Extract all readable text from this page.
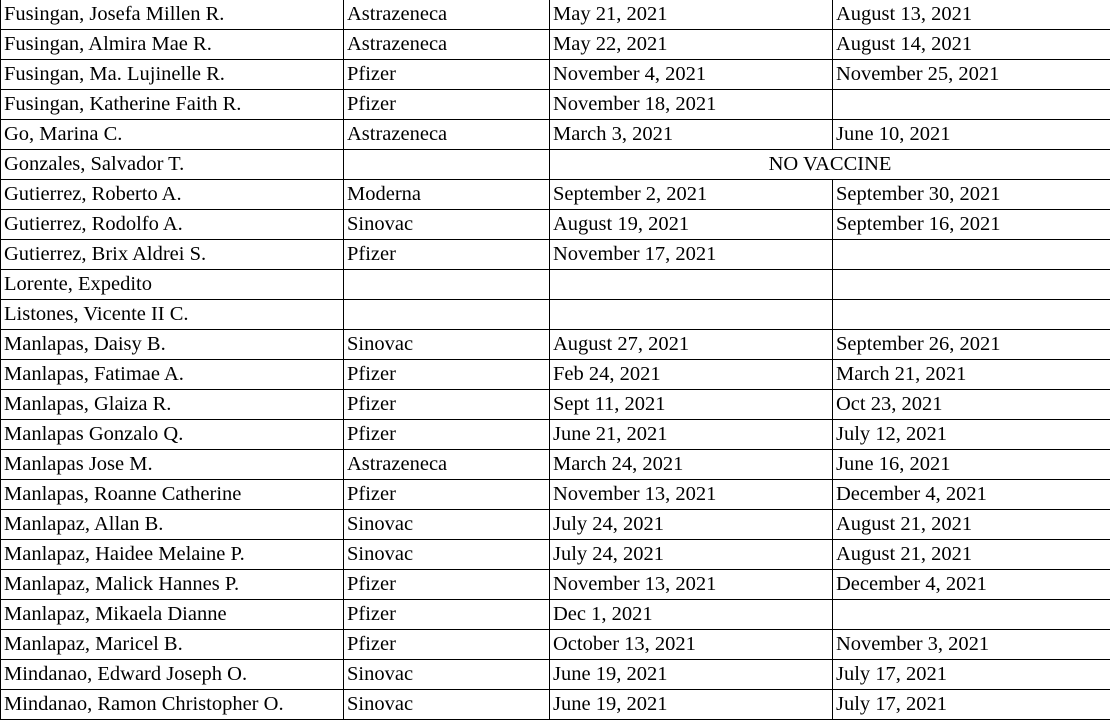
Fusingan, Josefa Millen R.	Astrazeneca	May 21, 2021	August 13, 2021
Fusingan, Almira Mae R.	Astrazeneca	May 22, 2021	August 14, 2021
Fusingan, Ma. Lujinelle R.	Pfizer	November 4, 2021	November 25, 2021
Fusingan, Katherine Faith R.	Pfizer	November 18, 2021	
Go, Marina C.	Astrazeneca	March 3, 2021	June 10, 2021
Gonzales, Salvador T.		NO VACCINE	
Gutierrez, Roberto A.	Moderna	September 2, 2021	September 30, 2021
Gutierrez, Rodolfo A.	Sinovac	August 19, 2021	September 16, 2021
Gutierrez, Brix Aldrei S.	Pfizer	November 17, 2021	
Lorente, Expedito			
Listones, Vicente II C.			
Manlapas, Daisy B.	Sinovac	August 27, 2021	September 26, 2021
Manlapas, Fatimae A.	Pfizer	Feb 24, 2021	March 21, 2021
Manlapas, Glaiza R.	Pfizer	Sept 11, 2021	Oct 23, 2021
Manlapas Gonzalo Q.	Pfizer	June 21, 2021	July 12, 2021
Manlapas Jose M.	Astrazeneca	March 24, 2021	June 16, 2021
Manlapas, Roanne Catherine	Pfizer	November 13, 2021	December 4, 2021
Manlapaz, Allan B.	Sinovac	July 24, 2021	August 21, 2021
Manlapaz, Haidee Melaine P.	Sinovac	July 24, 2021	August 21, 2021
Manlapaz, Malick Hannes P.	Pfizer	November 13, 2021	December 4, 2021
Manlapaz, Mikaela Dianne	Pfizer	Dec 1, 2021	
Manlapaz, Maricel B.	Pfizer	October 13, 2021	November 3, 2021
Mindanao, Edward Joseph O.	Sinovac	June 19, 2021	July 17, 2021
Mindanao, Ramon Christopher O.	Sinovac	June 19, 2021	July 17, 2021
